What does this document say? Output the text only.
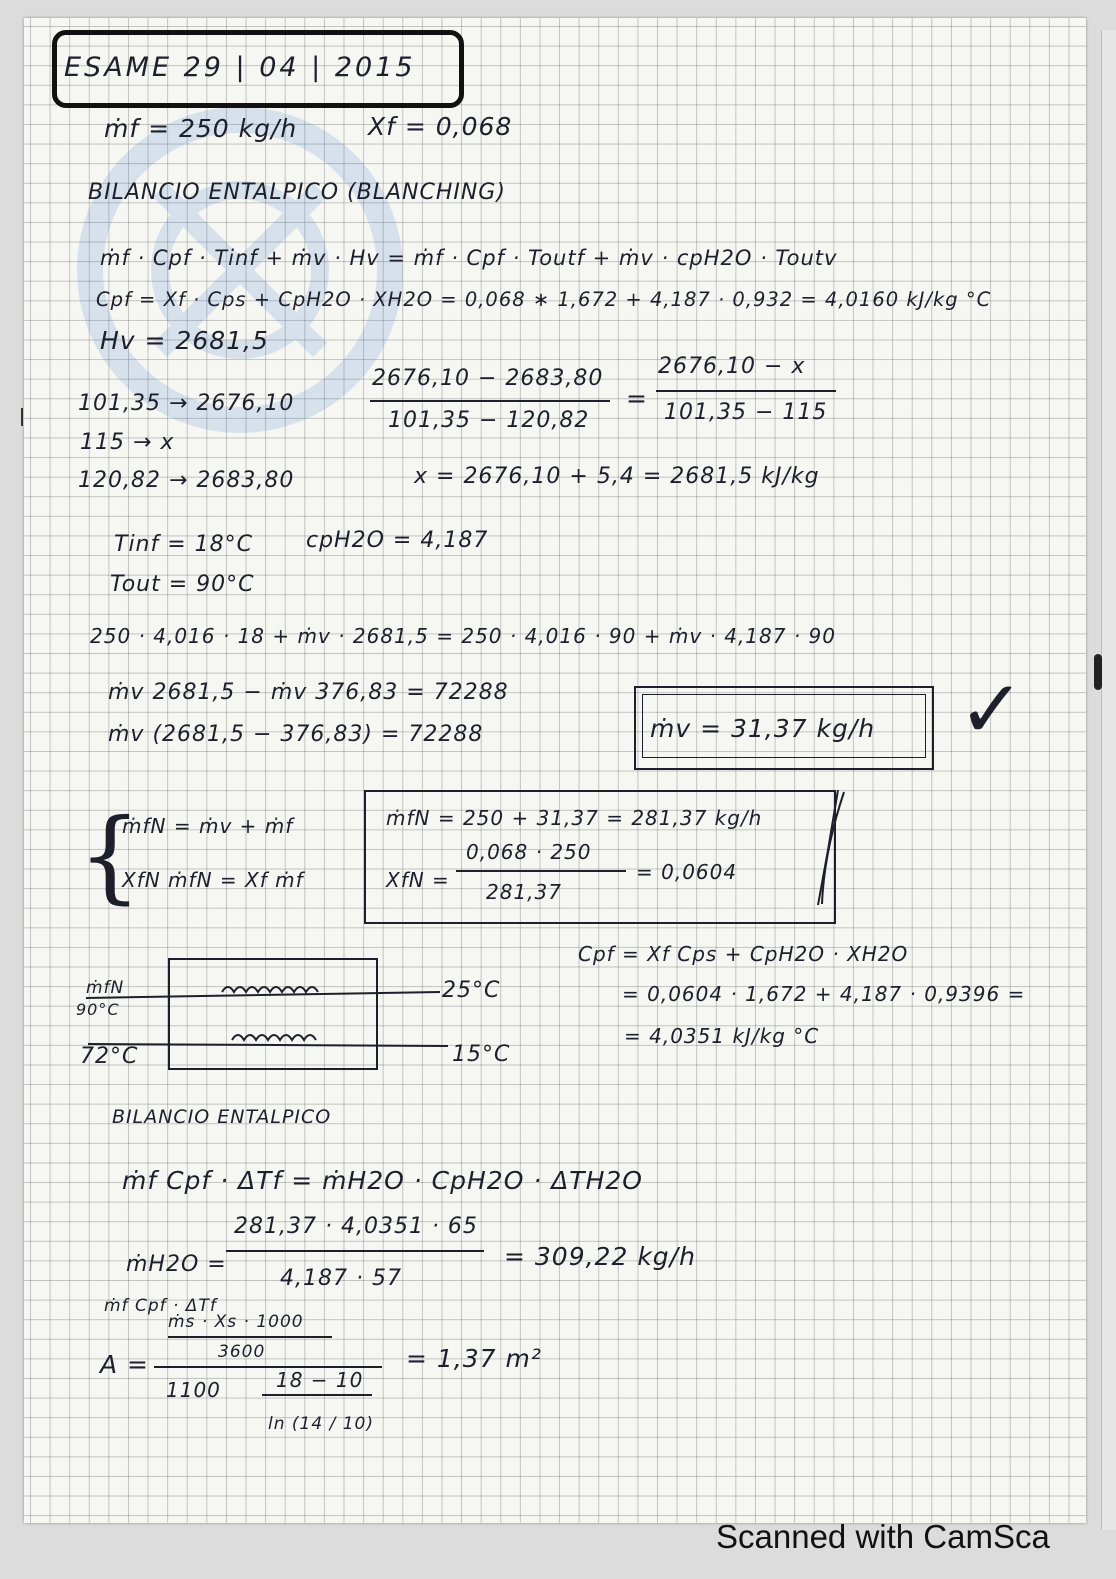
ESAME 29 | 04 | 2015
ṁf = 250 kg/h	Xf = 0,068
BILANCIO ENTALPICO (BLANCHING)
ṁf · Cpf · Tinf + ṁv · Hv = ṁf · Cpf · Toutf + ṁv · cpH2O · Toutv
Cpf = Xf · Cps + CpH2O · XH2O = 0,068 ∗ 1,672 + 4,187 · 0,932 = 4,0160 kJ/kg °C
Hv = 2681,5
101,35 → 2676,10
115 → x
120,82 → 2683,80
2676,10 − 2683,80
101,35 − 120,82
=
2676,10 − x
101,35 − 115
x = 2676,10 + 5,4 = 2681,5 kJ/kg
Tinf = 18°C cpH2O = 4,187
Tout = 90°C
250 · 4,016 · 18 + ṁv · 2681,5 = 250 · 4,016 · 90 + ṁv · 4,187 · 90
ṁv 2681,5 − ṁv 376,83 = 72288
ṁv (2681,5 − 376,83) = 72288	ṁv = 31,37 kg/h ✓
{
ṁfN = ṁv + ṁf
XfN ṁfN = Xf ṁf
ṁfN = 250 + 31,37 = 281,37 kg/h
XfN =
0,068 · 250
281,37
= 0,0604
ṁfN
90°C
72°C
25°C
15°C
Cpf = Xf Cps + CpH2O · XH2O
= 0,0604 · 1,672 + 4,187 · 0,9396 =
= 4,0351 kJ/kg °C
BILANCIO ENTALPICO
ṁf Cpf · ΔTf = ṁH2O · CpH2O · ΔTH2O
ṁH2O =
281,37 · 4,0351 · 65
4,187 · 57
= 309,22 kg/h
ṁf Cpf · ΔTf
ṁs · Xs · 1000
3600
A =
1100	18 − 10
ln (14 / 10)
= 1,37 m²
Scanned with CamSca
